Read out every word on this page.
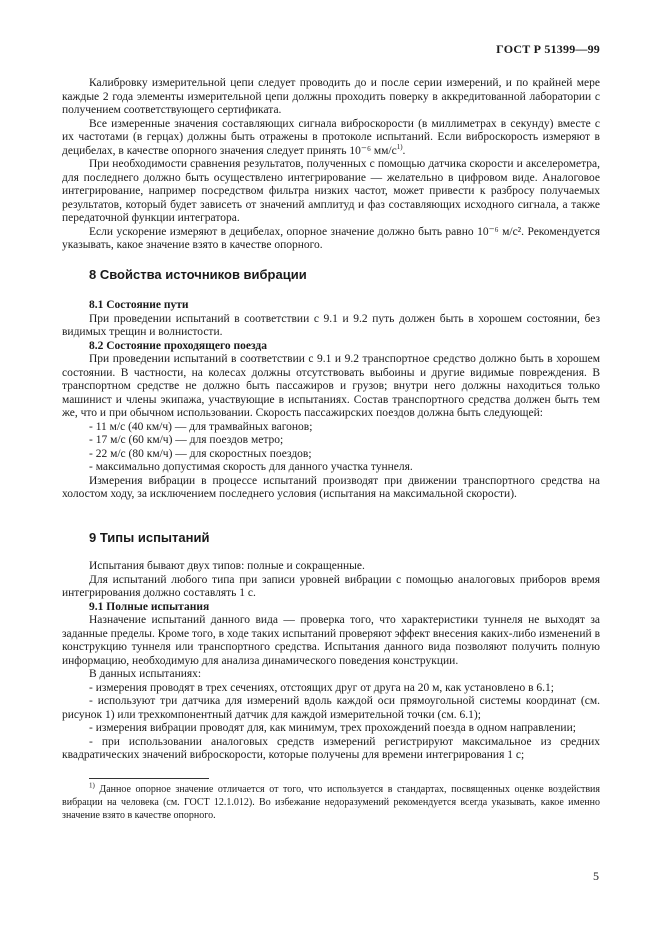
ГОСТ Р 51399—99

Калибровку измерительной цепи следует проводить до и после серии измерений, и по крайней мере каждые 2 года элементы измерительной цепи должны проходить поверку в аккредитованной лаборатории с получением соответствующего сертификата.

Все измеренные значения составляющих сигнала виброскорости (в миллиметрах в секунду) вместе с их частотами (в герцах) должны быть отражены в протоколе испытаний. Если виброскорость измеряют в децибелах, в качестве опорного значения следует принять 10⁻⁶ $мм/с^{1)}$.

При необходимости сравнения результатов, полученных с помощью датчика скорости и акселерометра, для последнего должно быть осуществлено интегрирование — желательно в цифровом виде. Аналоговое интегрирование, например посредством фильтра низких частот, может привести к разбросу получаемых результатов, который будет зависеть от значений амплитуд и фаз составляющих исходного сигнала, а также передаточной функции интегратора.

Если ускорение измеряют в децибелах, опорное значение должно быть равно 10⁻⁶ м/с². Рекомендуется указывать, какое значение взято в качестве опорного.

8 Свойства источников вибрации

8.1 Состояние пути

При проведении испытаний в соответствии с 9.1 и 9.2 путь должен быть в хорошем состоянии, без видимых трещин и волнистости.

8.2 Состояние проходящего поезда

При проведении испытаний в соответствии с 9.1 и 9.2 транспортное средство должно быть в хорошем состоянии. В частности, на колесах должны отсутствовать выбоины и другие видимые повреждения. В транспортном средстве не должно быть пассажиров и грузов; внутри него должны находиться только машинист и члены экипажа, участвующие в испытаниях. Состав транспортного средства должен быть тем же, что и при обычном использовании. Скорость пассажирских поездов должна быть следующей:

- 11 м/с (40 км/ч) — для трамвайных вагонов;

- 17 м/с (60 км/ч) — для поездов метро;

- 22 м/с (80 км/ч) — для скоростных поездов;

- максимально допустимая скорость для данного участка туннеля.

Измерения вибрации в процессе испытаний производят при движении транспортного средства на холостом ходу, за исключением последнего условия (испытания на максимальной скорости).

9 Типы испытаний

Испытания бывают двух типов: полные и сокращенные.

Для испытаний любого типа при записи уровней вибрации с помощью аналоговых приборов время интегрирования должно составлять 1 с.

9.1 Полные испытания

Назначение испытаний данного вида — проверка того, что характеристики туннеля не выходят за заданные пределы. Кроме того, в ходе таких испытаний проверяют эффект внесения каких-либо изменений в конструкцию туннеля или транспортного средства. Испытания данного вида позволяют получить полную информацию, необходимую для анализа динамического поведения конструкции.

В данных испытаниях:

- измерения проводят в трех сечениях, отстоящих друг от друга на 20 м, как установлено в 6.1;

- используют три датчика для измерений вдоль каждой оси прямоугольной системы координат (см. рисунок 1) или трехкомпонентный датчик для каждой измерительной точки (см. 6.1);

- измерения вибрации проводят для, как минимум, трех прохождений поезда в одном направлении;

- при использовании аналоговых средств измерений регистрируют максимальное из средних квадратических значений виброскорости, которые получены для времени интегрирования 1 с;

$^{1)}$ Данное опорное значение отличается от того, что используется в стандартах, посвященных оценке воздействия вибрации на человека (см. ГОСТ 12.1.012). Во избежание недоразумений рекомендуется всегда указывать, какое именно значение взято в качестве опорного.

5
